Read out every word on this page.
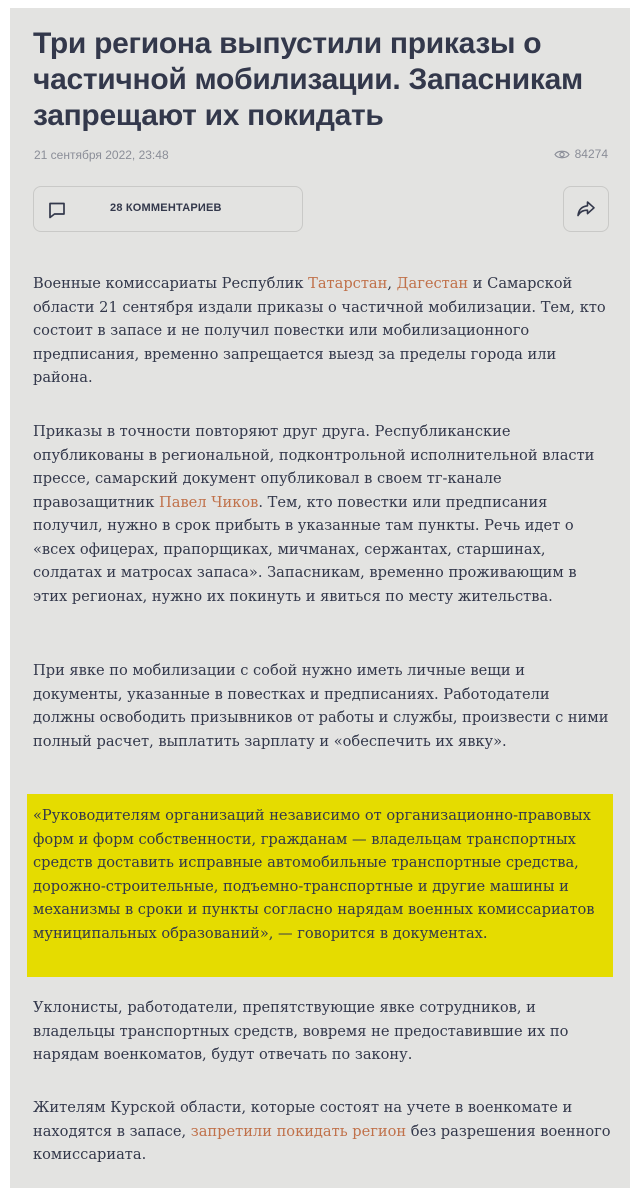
Три региона выпустили приказы о частичной мобилизации. Запасникам запрещают их покидать
21 сентября 2022, 23:48	84274
28 КОММЕНТАРИЕВ

Военные комиссариаты Республик Татарстан, Дагестан и Самарской области 21 сентября издали приказы о частичной мобилизации. Тем, кто состоит в запасе и не получил повестки или мобилизационного предписания, временно запрещается выезд за пределы города или района.

Приказы в точности повторяют друг друга. Республиканские опубликованы в региональной, подконтрольной исполнительной власти прессе, самарский документ опубликовал в своем тг-канале правозащитник Павел Чиков. Тем, кто повестки или предписания получил, нужно в срок прибыть в указанные там пункты. Речь идет о «всех офицерах, прапорщиках, мичманах, сержантах, старшинах, солдатах и матросах запаса». Запасникам, временно проживающим в этих регионах, нужно их покинуть и явиться по месту жительства.

При явке по мобилизации с собой нужно иметь личные вещи и документы, указанные в повестках и предписаниях. Работодатели должны освободить призывников от работы и службы, произвести с ними полный расчет, выплатить зарплату и «обеспечить их явку».

«Руководителям организаций независимо от организационно-правовых форм и форм собственности, гражданам — владельцам транспортных средств доставить исправные автомобильные транспортные средства, дорожно-строительные, подъемно-транспортные и другие машины и механизмы в сроки и пункты согласно нарядам военных комиссариатов муниципальных образований», — говорится в документах.

Уклонисты, работодатели, препятствующие явке сотрудников, и владельцы транспортных средств, вовремя не предоставившие их по нарядам военкоматов, будут отвечать по закону.

Жителям Курской области, которые состоят на учете в военкомате и находятся в запасе, запретили покидать регион без разрешения военного комиссариата.
